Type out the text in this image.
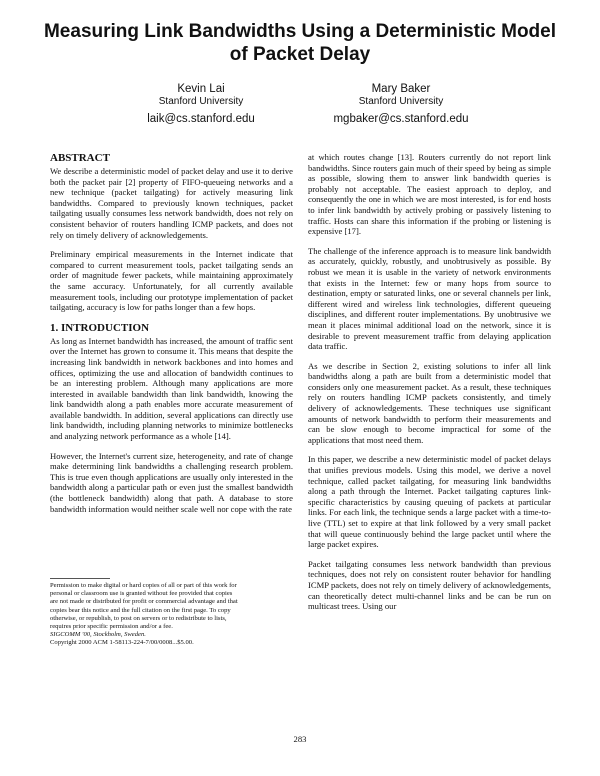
Measuring Link Bandwidths Using a Deterministic Model of Packet Delay
Kevin Lai
Stanford University
laik@cs.stanford.edu
Mary Baker
Stanford University
mgbaker@cs.stanford.edu
ABSTRACT

We describe a deterministic model of packet delay and use it to derive both the packet pair [2] property of FIFO-queueing networks and a new technique (packet tailgating) for actively measuring link bandwidths. Compared to previously known techniques, packet tailgating usually consumes less network bandwidth, does not rely on consistent behavior of routers handling ICMP packets, and does not rely on timely delivery of acknowledgements.

Preliminary empirical measurements in the Internet indicate that compared to current measurement tools, packet tailgating sends an order of magnitude fewer packets, while maintaining approximately the same accuracy. Unfortunately, for all currently available measurement tools, including our prototype implementation of packet tailgating, accuracy is low for paths longer than a few hops.

1. INTRODUCTION

As long as Internet bandwidth has increased, the amount of traffic sent over the Internet has grown to consume it. This means that despite the increasing link bandwidth in network backbones and into homes and offices, optimizing the use and allocation of bandwidth continues to be an interesting problem. Although many applications are more interested in available bandwidth than link bandwidth, knowing the link bandwidth along a path enables more accurate measurement of available bandwidth. In addition, several applications can directly use link bandwidth, including planning networks to minimize bottlenecks and analyzing network performance as a whole [14].

However, the Internet's current size, heterogeneity, and rate of change make determining link bandwidths a challenging research problem. This is true even though applications are usually only interested in the bandwidth along a particular path or even just the smallest bandwidth (the bottleneck bandwidth) along that path. A database to store bandwidth information would neither scale well nor cope with the rate

at which routes change [13]. Routers currently do not report link bandwidths. Since routers gain much of their speed by being as simple as possible, slowing them to answer link bandwidth queries is probably not acceptable. The easiest approach to deploy, and consequently the one in which we are most interested, is for end hosts to infer link bandwidth by actively probing or passively listening to traffic. Hosts can share this information if the probing or listening is expensive [17].

The challenge of the inference approach is to measure link bandwidth as accurately, quickly, robustly, and unobtrusively as possible. By robust we mean it is usable in the variety of network environments that exists in the Internet: few or many hops from source to destination, empty or saturated links, one or several channels per link, different wired and wireless link technologies, different queueing disciplines, and different router implementations. By unobtrusive we mean it places minimal additional load on the network, since it is desirable to prevent measurement traffic from delaying application data traffic.

As we describe in Section 2, existing solutions to infer all link bandwidths along a path are built from a deterministic model that considers only one measurement packet. As a result, these techniques rely on routers handling ICMP packets consistently, and timely delivery of acknowledgements. These techniques use significant amounts of network bandwidth to perform their measurements and can be slow enough to become impractical for some of the applications that most need them.

In this paper, we describe a new deterministic model of packet delays that unifies previous models. Using this model, we derive a novel technique, called packet tailgating, for measuring link bandwidths along a path through the Internet. Packet tailgating captures link-specific characteristics by causing queuing of packets at particular links. For each link, the technique sends a large packet with a time-to-live (TTL) set to expire at that link followed by a very small packet that will queue continuously behind the large packet until where the large packet expires.

Packet tailgating consumes less network bandwidth than previous techniques, does not rely on consistent router behavior for handling ICMP packets, does not rely on timely delivery of acknowledgements, can theoretically detect multi-channel links and be can be run on multicast trees. Using our

Permission to make digital or hard copies of all or part of this work for
personal or classroom use is granted without fee provided that copies
are not made or distributed for profit or commercial advantage and that
copies bear this notice and the full citation on the first page. To copy
otherwise, or republish, to post on servers or to redistribute to lists,
requires prior specific permission and/or a fee.
SIGCOMM '00, Stockholm, Sweden.
Copyright 2000 ACM 1-58113-224-7/00/0008...$5.00.
283
